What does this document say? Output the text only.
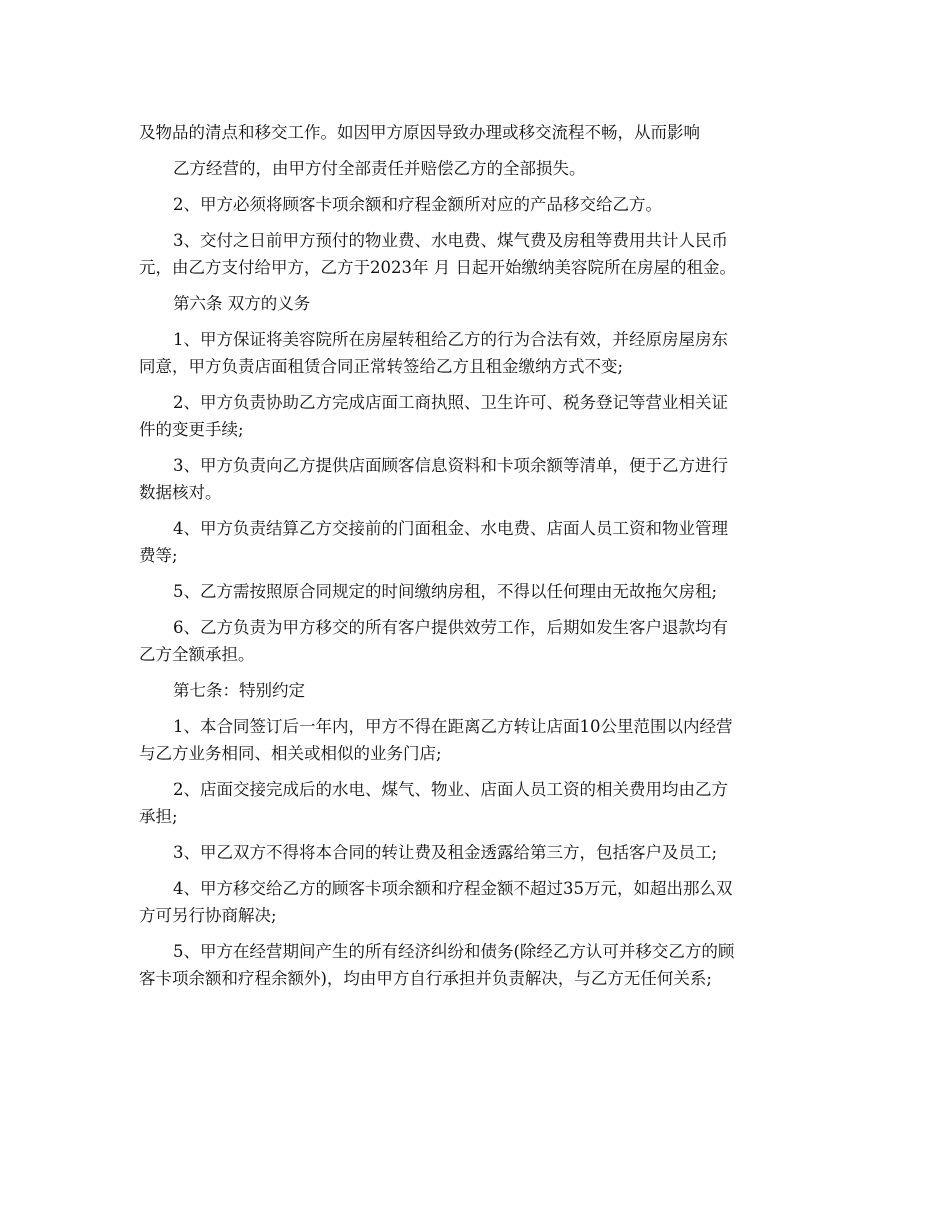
及物品的清点和移交工作。如因甲方原因导致办理或移交流程不畅，从而影响
乙方经营的，由甲方付全部责任并赔偿乙方的全部损失。
2、甲方必须将顾客卡项余额和疗程金额所对应的产品移交给乙方。
3、交付之日前甲方预付的物业费、水电费、煤气费及房租等费用共计人民币
元，由乙方支付给甲方，乙方于2023年 月 日起开始缴纳美容院所在房屋的租金。
第六条 双方的义务
1、甲方保证将美容院所在房屋转租给乙方的行为合法有效，并经原房屋房东
同意，甲方负责店面租赁合同正常转签给乙方且租金缴纳方式不变;
2、甲方负责协助乙方完成店面工商执照、卫生许可、税务登记等营业相关证
件的变更手续;
3、甲方负责向乙方提供店面顾客信息资料和卡项余额等清单，便于乙方进行
数据核对。
4、甲方负责结算乙方交接前的门面租金、水电费、店面人员工资和物业管理
费等;
5、乙方需按照原合同规定的时间缴纳房租，不得以任何理由无故拖欠房租;
6、乙方负责为甲方移交的所有客户提供效劳工作，后期如发生客户退款均有
乙方全额承担。
第七条：特别约定
1、本合同签订后一年内，甲方不得在距离乙方转让店面10公里范围以内经营
与乙方业务相同、相关或相似的业务门店;
2、店面交接完成后的水电、煤气、物业、店面人员工资的相关费用均由乙方
承担;
3、甲乙双方不得将本合同的转让费及租金透露给第三方，包括客户及员工;
4、甲方移交给乙方的顾客卡项余额和疗程金额不超过35万元，如超出那么双
方可另行协商解决;
5、甲方在经营期间产生的所有经济纠纷和债务(除经乙方认可并移交乙方的顾
客卡项余额和疗程余额外)，均由甲方自行承担并负责解决，与乙方无任何关系;
